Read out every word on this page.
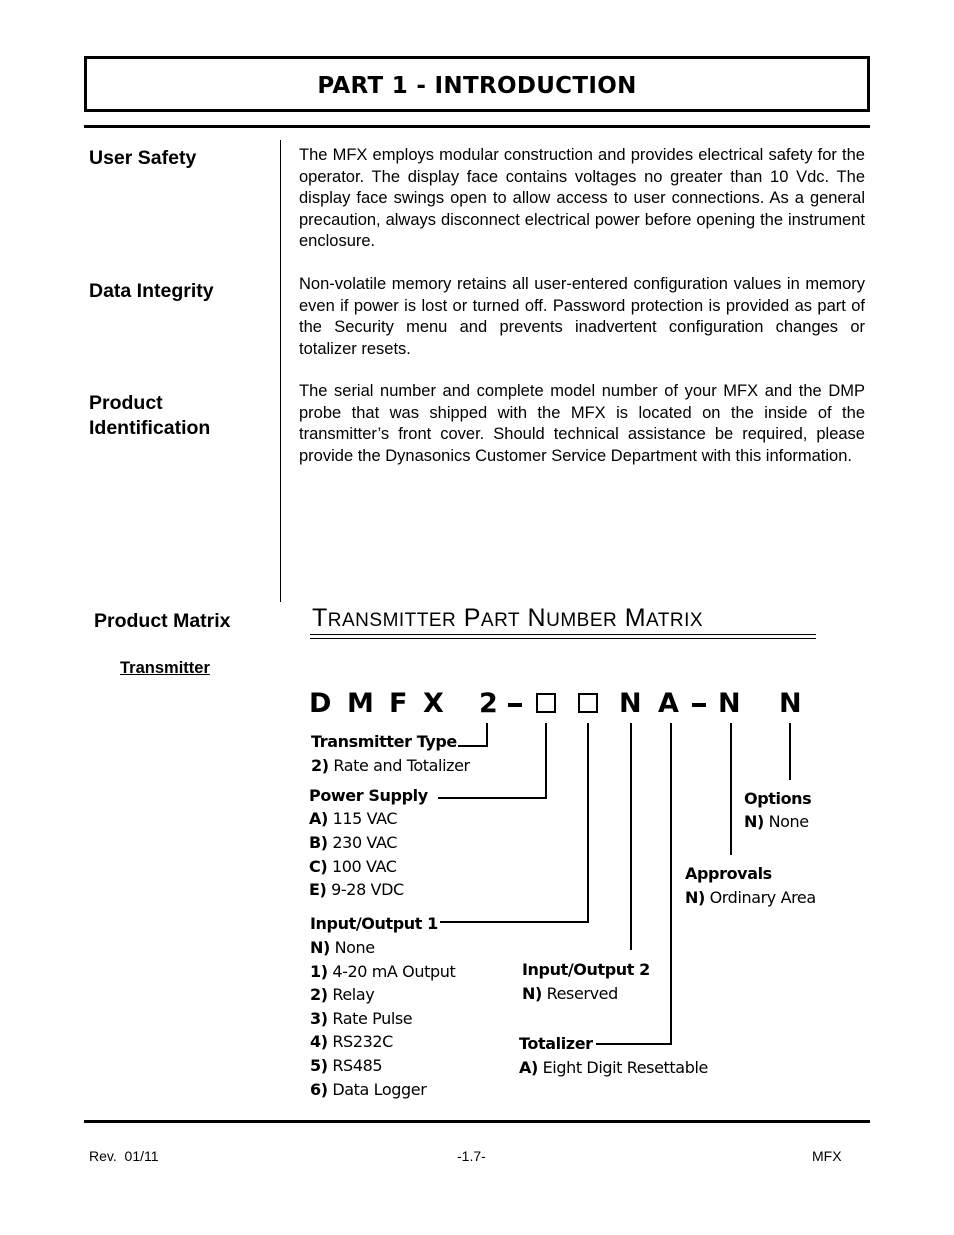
PART 1 - INTRODUCTION
User Safety	The MFX employs modular construction and provides electrical safety for the operator. The display face contains voltages no greater than 10 Vdc. The display face swings open to allow access to user connections. As a general precaution, always disconnect electrical power before opening the instrument enclosure.
Data Integrity	Non-volatile memory retains all user-entered configuration values in memory even if power is lost or turned off. Password protection is provided as part of the Security menu and prevents inadvertent configuration changes or totalizer resets.
Product
Identification
The serial number and complete model number of your MFX and the DMP probe that was shipped with the MFX is located on the inside of the transmitter’s front cover. Should technical assistance be required, please provide the Dynasonics Customer Service Department with this information.
Product Matrix
Transmitter
TRANSMITTER PART NUMBER MATRIX
D M F X 2	N A N N
Transmitter Type
2) Rate and Totalizer
Power Supply
A) 115 VAC
B) 230 VAC
C) 100 VAC
E) 9-28 VDC
Input/Output 1
N) None
1) 4-20 mA Output
2) Relay
3) Rate Pulse
4) RS232C
5) RS485
6) Data Logger
Input/Output 2
N) Reserved
Totalizer
A) Eight Digit Resettable
Approvals
N) Ordinary Area
Options
N) None
Rev.  01/11	-1.7-	MFX
